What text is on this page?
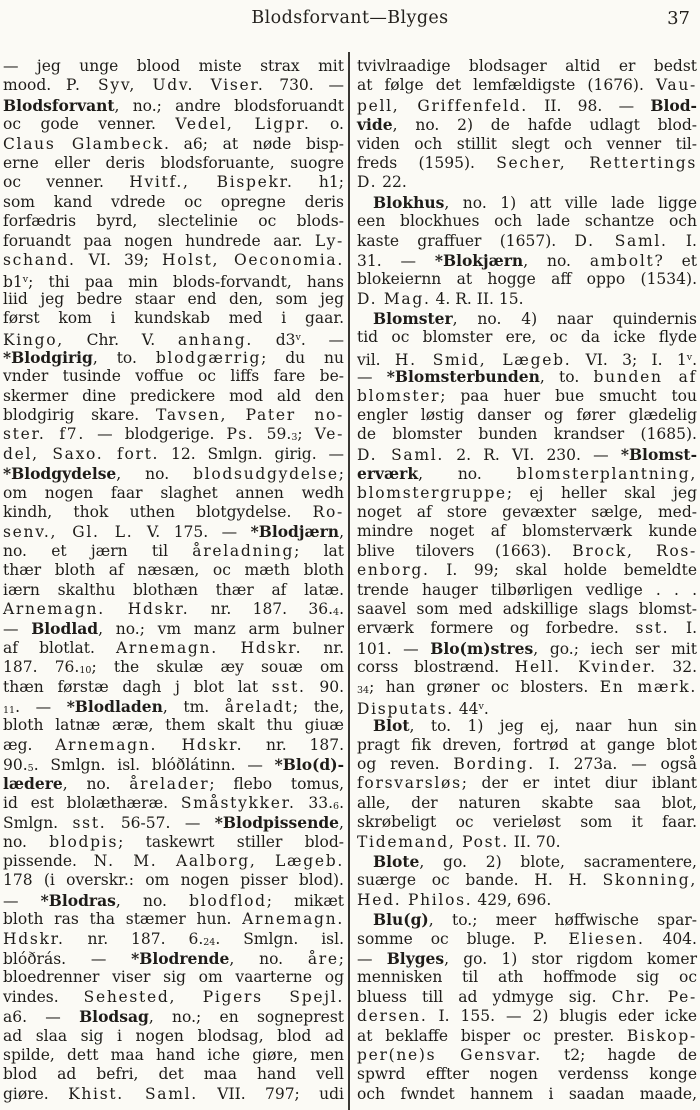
Blodsforvant—Blyges	37
— jeg unge blood miste strax mit
mood. P. Syv, Udv. Viser. 730. —
Blodsforvant, no.; andre blodsforuandt
oc gode venner. Vedel, Ligpr. o.
Claus Glambeck. a6; at nøde bisp-
erne eller deris blodsforuante, suogre
oc venner. Hvitf., Bispekr. h1;
som kand vdrede oc opregne deris
forfædris byrd, slectelinie oc blods-
foruandt paa nogen hundrede aar. Ly-
schand. VI. 39; Holst, Oeconomia.
b1$^v$; thi paa min blods-forvandt, hans
liid jeg bedre staar end den, som jeg
først kom i kundskab med i gaar.
Kingo, Chr. V. anhang. d3$^v$. —
*Blodgirig, to. blodgærrig; du nu
vnder tusinde voffue oc liffs fare be-
skermer dine predickere mod ald den
blodgirig skare. Tavsen, Pater no-
ster. f7. — blodgerige. Ps. 59.3; Ve-
del, Saxo. fort. 12. Smlgn. girig. —
*Blodgydelse, no. blodsudgydelse;
om nogen faar slaghet annen wedh
kindh, thok uthen blotgydelse. Ro-
senv., Gl. L. V. 175. — *Blodjærn,
no. et jærn til åreladning; lat
thær bloth af næsæn, oc mæth bloth
iærn skalthu blothæn thær af latæ.
Arnemagn. Hdskr. nr. 187. 36.4.
— Blodlad, no.; vm manz arm bulner
af blotlat. Arnemagn. Hdskr. nr.
187. 76.10; the skulæ æy souæ om
thæn førstæ dagh j blot lat sst. 90.
11. — *Blodladen, tm. åreladt; the,
bloth latnæ æræ, them skalt thu giuæ
æg. Arnemagn. Hdskr. nr. 187.
90.5. Smlgn. isl. blóðlátinn. — *Blo(d)-
lædere, no. årelader; flebo tomus,
id est blolæthæræ. Småstykker. 33.6.
Smlgn. sst. 56-57. — *Blodpissende,
no. blodpis; taskewrt stiller blod-
pissende. N. M. Aalborg, Lægeb.
178 (i overskr.: om nogen pisser blod).
— *Blodras, no. blodflod; mikæt
bloth ras tha stæmer hun. Arnemagn.
Hdskr. nr. 187. 6.24. Smlgn. isl.
blóðrás. — *Blodrende, no. åre;
bloedrenner viser sig om vaarterne og
vindes. Sehested, Pigers Spejl.
a6. — Blodsag, no.; en sogneprest
ad slaa sig i nogen blodsag, blod ad
spilde, dett maa hand iche giøre, men
blod ad befri, det maa hand vell
giøre. Khist. Saml. VII. 797; udi
tvivlraadige blodsager altid er bedst
at følge det lemfældigste (1676). Vau-
pell, Griffenfeld. II. 98. — Blod-
vide, no. 2) de hafde udlagt blod-
viden och stillit slegt och venner til-
freds (1595). Secher, Rettertings
D. 22.
Blokhus, no. 1) att ville lade ligge
een blockhues och lade schantze och
kaste graffuer (1657). D. Saml. I.
31. — *Blokjærn, no. ambolt? et
blokeiernn at hogge aff oppo (1534).
D. Mag. 4. R. II. 15.
Blomster, no. 4) naar quindernis
tid oc blomster ere, oc da icke flyde
vil. H. Smid, Lægeb. VI. 3; I. 1$^v$.
— *Blomsterbunden, to. bunden af
blomster; paa huer bue smucht tou
engler løstig danser og fører glædelig
de blomster bunden krandser (1685).
D. Saml. 2. R. VI. 230. — *Blomst-
erværk, no. blomsterplantning,
blomstergruppe; ej heller skal jeg
noget af store gevæxter sælge, med-
mindre noget af blomsterværk kunde
blive tilovers (1663). Brock, Ros-
enborg. I. 99; skal holde bemeldte
trende hauger tilbørligen vedlige . . .
saavel som med adskillige slags blomst-
erværk formere og forbedre. sst. I.
101. — Blo(m)stres, go.; iech ser mit
corss blostrænd. Hell. Kvinder. 32.
34; han grøner oc blosters. En mærk.
Disputats. 44$^v$.
Blot, to. 1) jeg ej, naar hun sin
pragt fik dreven, fortrød at gange blot
og reven. Bording. I. 273a. — også
forsvarsløs; der er intet diur iblant
alle, der naturen skabte saa blot,
skrøbeligt oc verieløst som it faar.
Tidemand, Post. II. 70.
Blote, go. 2) blote, sacramentere,
suærge oc bande. H. H. Skonning,
Hed. Philos. 429, 696.
Blu(g), to.; meer høffwische spar-
somme oc bluge. P. Eliesen. 404.
— Blyges, go. 1) stor rigdom komer
mennisken til ath hoffmode sig oc
bluess till ad ydmyge sig. Chr. Pe-
dersen. I. 155. — 2) blugis eder icke
at beklaffe bisper oc prester. Biskop-
per(ne)s Gensvar. t2; hagde de
spwrd effter nogen verdenss konge
och fwndet hannem i saadan maade,
